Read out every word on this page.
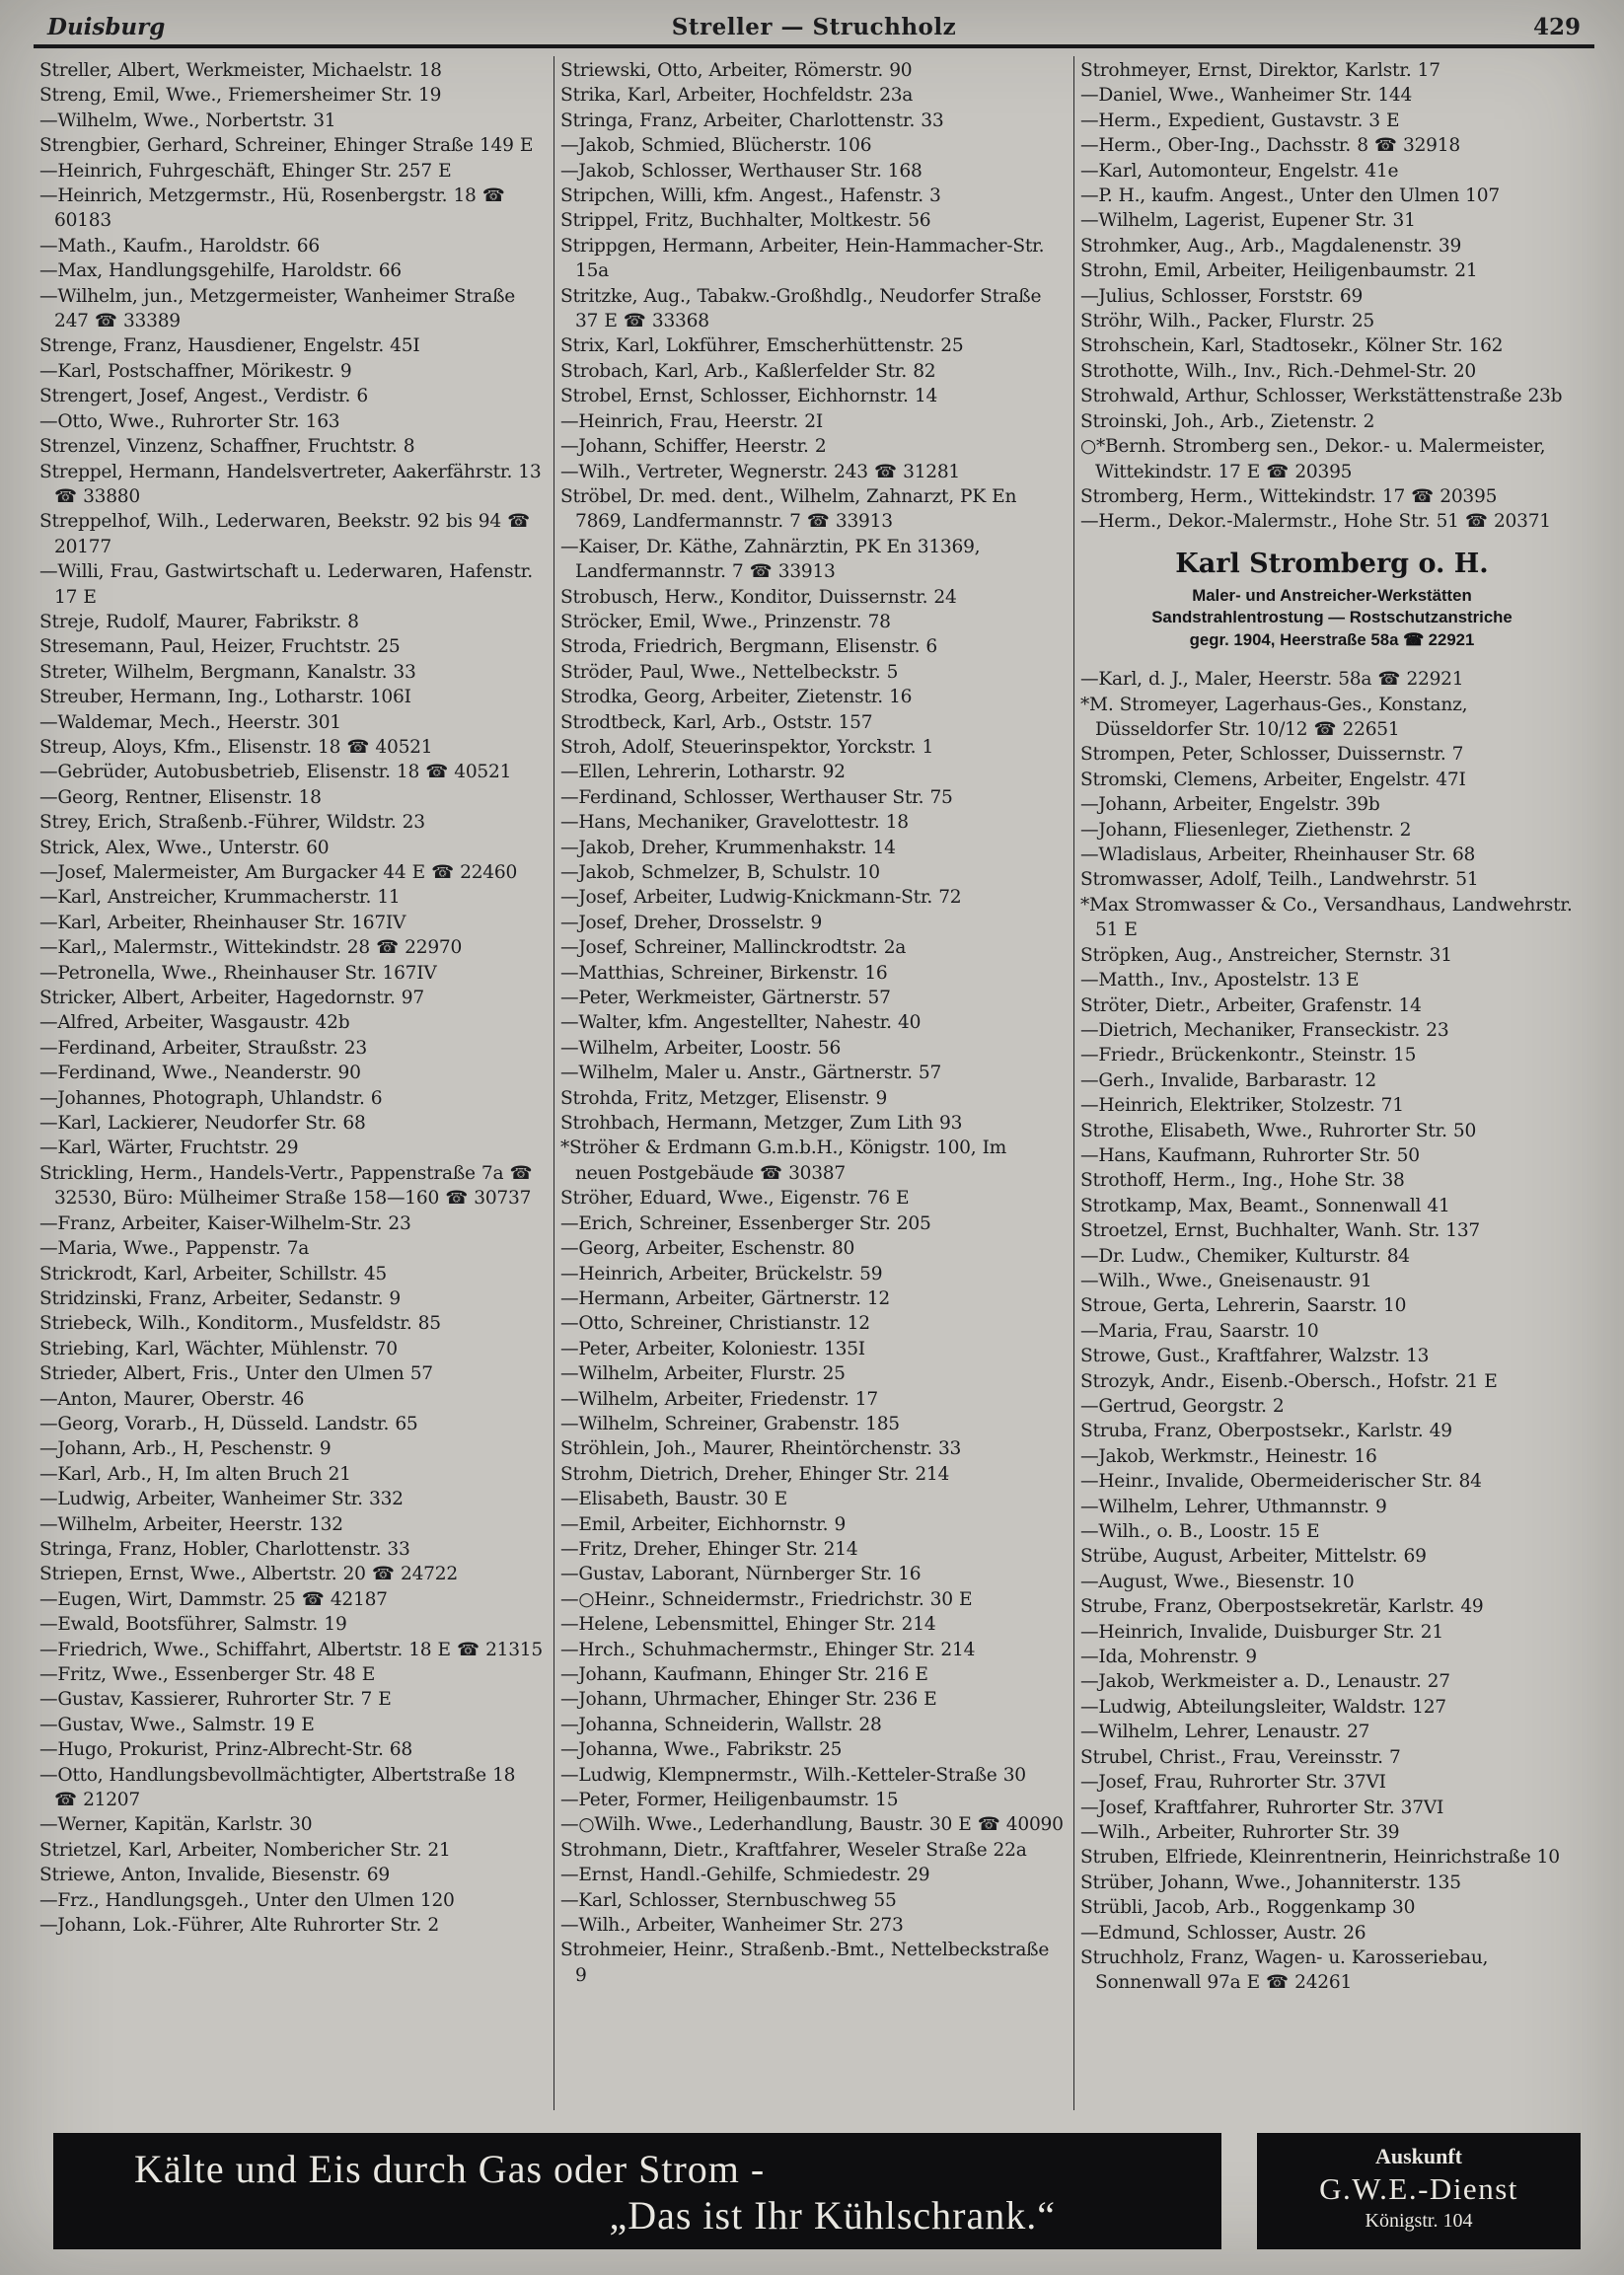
Duisburg	Streller — Struchholz	429
Streller, Albert, Werkmeister, Michaelstr. 18
Streng, Emil, Wwe., Friemersheimer Str. 19
—Wilhelm, Wwe., Norbertstr. 31
Strengbier, Gerhard, Schreiner, Ehinger Straße 149 E
—Heinrich, Fuhrgeschäft, Ehinger Str. 257 E
—Heinrich, Metzgermstr., Hü, Rosenbergstr. 18 ☎ 60183
—Math., Kaufm., Haroldstr. 66
—Max, Handlungsgehilfe, Haroldstr. 66
—Wilhelm, jun., Metzgermeister, Wanheimer Straße 247 ☎ 33389
Strenge, Franz, Hausdiener, Engelstr. 45I
—Karl, Postschaffner, Mörikestr. 9
Strengert, Josef, Angest., Verdistr. 6
—Otto, Wwe., Ruhrorter Str. 163
Strenzel, Vinzenz, Schaffner, Fruchtstr. 8
Streppel, Hermann, Handelsvertreter, Aakerfährstr. 13 ☎ 33880
Streppelhof, Wilh., Lederwaren, Beekstr. 92 bis 94 ☎ 20177
—Willi, Frau, Gastwirtschaft u. Lederwaren, Hafenstr. 17 E
Streje, Rudolf, Maurer, Fabrikstr. 8
Stresemann, Paul, Heizer, Fruchtstr. 25
Streter, Wilhelm, Bergmann, Kanalstr. 33
Streuber, Hermann, Ing., Lotharstr. 106I
—Waldemar, Mech., Heerstr. 301
Streup, Aloys, Kfm., Elisenstr. 18 ☎ 40521
—Gebrüder, Autobusbetrieb, Elisenstr. 18 ☎ 40521
—Georg, Rentner, Elisenstr. 18
Strey, Erich, Straßenb.-Führer, Wildstr. 23
Strick, Alex, Wwe., Unterstr. 60
—Josef, Malermeister, Am Burgacker 44 E ☎ 22460
—Karl, Anstreicher, Krummacherstr. 11
—Karl, Arbeiter, Rheinhauser Str. 167IV
—Karl,, Malermstr., Wittekindstr. 28 ☎ 22970
—Petronella, Wwe., Rheinhauser Str. 167IV
Stricker, Albert, Arbeiter, Hagedornstr. 97
—Alfred, Arbeiter, Wasgaustr. 42b
—Ferdinand, Arbeiter, Straußstr. 23
—Ferdinand, Wwe., Neanderstr. 90
—Johannes, Photograph, Uhlandstr. 6
—Karl, Lackierer, Neudorfer Str. 68
—Karl, Wärter, Fruchtstr. 29
Strickling, Herm., Handels-Vertr., Pappenstraße 7a ☎ 32530, Büro: Mülheimer Straße 158—160 ☎ 30737
—Franz, Arbeiter, Kaiser-Wilhelm-Str. 23
—Maria, Wwe., Pappenstr. 7a
Strickrodt, Karl, Arbeiter, Schillstr. 45
Stridzinski, Franz, Arbeiter, Sedanstr. 9
Striebeck, Wilh., Konditorm., Musfeldstr. 85
Striebing, Karl, Wächter, Mühlenstr. 70
Strieder, Albert, Fris., Unter den Ulmen 57
—Anton, Maurer, Oberstr. 46
—Georg, Vorarb., H, Düsseld. Landstr. 65
—Johann, Arb., H, Peschenstr. 9
—Karl, Arb., H, Im alten Bruch 21
—Ludwig, Arbeiter, Wanheimer Str. 332
—Wilhelm, Arbeiter, Heerstr. 132
Stringa, Franz, Hobler, Charlottenstr. 33
Striepen, Ernst, Wwe., Albertstr. 20 ☎ 24722
—Eugen, Wirt, Dammstr. 25 ☎ 42187
—Ewald, Bootsführer, Salmstr. 19
—Friedrich, Wwe., Schiffahrt, Albertstr. 18 E ☎ 21315
—Fritz, Wwe., Essenberger Str. 48 E
—Gustav, Kassierer, Ruhrorter Str. 7 E
—Gustav, Wwe., Salmstr. 19 E
—Hugo, Prokurist, Prinz-Albrecht-Str. 68
—Otto, Handlungsbevollmächtigter, Albertstraße 18 ☎ 21207
—Werner, Kapitän, Karlstr. 30
Strietzel, Karl, Arbeiter, Nombericher Str. 21
Striewe, Anton, Invalide, Biesenstr. 69
—Frz., Handlungsgeh., Unter den Ulmen 120
—Johann, Lok.-Führer, Alte Ruhrorter Str. 2
Striewski, Otto, Arbeiter, Römerstr. 90
Strika, Karl, Arbeiter, Hochfeldstr. 23a
Stringa, Franz, Arbeiter, Charlottenstr. 33
—Jakob, Schmied, Blücherstr. 106
—Jakob, Schlosser, Werthauser Str. 168
Stripchen, Willi, kfm. Angest., Hafenstr. 3
Strippel, Fritz, Buchhalter, Moltkestr. 56
Strippgen, Hermann, Arbeiter, Hein-Hammacher-Str. 15a
Stritzke, Aug., Tabakw.-Großhdlg., Neudorfer Straße 37 E ☎ 33368
Strix, Karl, Lokführer, Emscherhüttenstr. 25
Strobach, Karl, Arb., Kaßlerfelder Str. 82
Strobel, Ernst, Schlosser, Eichhornstr. 14
—Heinrich, Frau, Heerstr. 2I
—Johann, Schiffer, Heerstr. 2
—Wilh., Vertreter, Wegnerstr. 243 ☎ 31281
Ströbel, Dr. med. dent., Wilhelm, Zahnarzt, PK En 7869, Landfermannstr. 7 ☎ 33913
—Kaiser, Dr. Käthe, Zahnärztin, PK En 31369, Landfermannstr. 7 ☎ 33913
Strobusch, Herw., Konditor, Duissernstr. 24
Ströcker, Emil, Wwe., Prinzenstr. 78
Stroda, Friedrich, Bergmann, Elisenstr. 6
Ströder, Paul, Wwe., Nettelbeckstr. 5
Strodka, Georg, Arbeiter, Zietenstr. 16
Strodtbeck, Karl, Arb., Oststr. 157
Stroh, Adolf, Steuerinspektor, Yorckstr. 1
—Ellen, Lehrerin, Lotharstr. 92
—Ferdinand, Schlosser, Werthauser Str. 75
—Hans, Mechaniker, Gravelottestr. 18
—Jakob, Dreher, Krummenhakstr. 14
—Jakob, Schmelzer, B, Schulstr. 10
—Josef, Arbeiter, Ludwig-Knickmann-Str. 72
—Josef, Dreher, Drosselstr. 9
—Josef, Schreiner, Mallinckrodtstr. 2a
—Matthias, Schreiner, Birkenstr. 16
—Peter, Werkmeister, Gärtnerstr. 57
—Walter, kfm. Angestellter, Nahestr. 40
—Wilhelm, Arbeiter, Loostr. 56
—Wilhelm, Maler u. Anstr., Gärtnerstr. 57
Strohda, Fritz, Metzger, Elisenstr. 9
Strohbach, Hermann, Metzger, Zum Lith 93
*Ströher & Erdmann G.m.b.H., Königstr. 100, Im neuen Postgebäude ☎ 30387
Ströher, Eduard, Wwe., Eigenstr. 76 E
—Erich, Schreiner, Essenberger Str. 205
—Georg, Arbeiter, Eschenstr. 80
—Heinrich, Arbeiter, Brückelstr. 59
—Hermann, Arbeiter, Gärtnerstr. 12
—Otto, Schreiner, Christianstr. 12
—Peter, Arbeiter, Koloniestr. 135I
—Wilhelm, Arbeiter, Flurstr. 25
—Wilhelm, Arbeiter, Friedenstr. 17
—Wilhelm, Schreiner, Grabenstr. 185
Ströhlein, Joh., Maurer, Rheintörchenstr. 33
Strohm, Dietrich, Dreher, Ehinger Str. 214
—Elisabeth, Baustr. 30 E
—Emil, Arbeiter, Eichhornstr. 9
—Fritz, Dreher, Ehinger Str. 214
—Gustav, Laborant, Nürnberger Str. 16
—○Heinr., Schneidermstr., Friedrichstr. 30 E
—Helene, Lebensmittel, Ehinger Str. 214
—Hrch., Schuhmachermstr., Ehinger Str. 214
—Johann, Kaufmann, Ehinger Str. 216 E
—Johann, Uhrmacher, Ehinger Str. 236 E
—Johanna, Schneiderin, Wallstr. 28
—Johanna, Wwe., Fabrikstr. 25
—Ludwig, Klempnermstr., Wilh.-Ketteler-Straße 30
—Peter, Former, Heiligenbaumstr. 15
—○Wilh. Wwe., Lederhandlung, Baustr. 30 E ☎ 40090
Strohmann, Dietr., Kraftfahrer, Weseler Straße 22a
—Ernst, Handl.-Gehilfe, Schmiedestr. 29
—Karl, Schlosser, Sternbuschweg 55
—Wilh., Arbeiter, Wanheimer Str. 273
Strohmeier, Heinr., Straßenb.-Bmt., Nettelbeckstraße 9
Strohmeyer, Ernst, Direktor, Karlstr. 17
—Daniel, Wwe., Wanheimer Str. 144
—Herm., Expedient, Gustavstr. 3 E
—Herm., Ober-Ing., Dachsstr. 8 ☎ 32918
—Karl, Automonteur, Engelstr. 41e
—P. H., kaufm. Angest., Unter den Ulmen 107
—Wilhelm, Lagerist, Eupener Str. 31
Strohmker, Aug., Arb., Magdalenenstr. 39
Strohn, Emil, Arbeiter, Heiligenbaumstr. 21
—Julius, Schlosser, Forststr. 69
Ströhr, Wilh., Packer, Flurstr. 25
Strohschein, Karl, Stadtosekr., Kölner Str. 162
Strothotte, Wilh., Inv., Rich.-Dehmel-Str. 20
Strohwald, Arthur, Schlosser, Werkstättenstraße 23b
Stroinski, Joh., Arb., Zietenstr. 2
○*Bernh. Stromberg sen., Dekor.- u. Malermeister, Wittekindstr. 17 E ☎ 20395
Stromberg, Herm., Wittekindstr. 17 ☎ 20395
—Herm., Dekor.-Malermstr., Hohe Str. 51 ☎ 20371
Karl Stromberg o. H.
Maler- und Anstreicher-Werkstätten
Sandstrahlentrostung — Rostschutzanstriche
gegr. 1904, Heerstraße 58a ☎ 22921
—Karl, d. J., Maler, Heerstr. 58a ☎ 22921
*M. Stromeyer, Lagerhaus-Ges., Konstanz, Düsseldorfer Str. 10/12 ☎ 22651
Strompen, Peter, Schlosser, Duissernstr. 7
Stromski, Clemens, Arbeiter, Engelstr. 47I
—Johann, Arbeiter, Engelstr. 39b
—Johann, Fliesenleger, Ziethenstr. 2
—Wladislaus, Arbeiter, Rheinhauser Str. 68
Stromwasser, Adolf, Teilh., Landwehrstr. 51
*Max Stromwasser & Co., Versandhaus, Landwehrstr. 51 E
Ströpken, Aug., Anstreicher, Sternstr. 31
—Matth., Inv., Apostelstr. 13 E
Ströter, Dietr., Arbeiter, Grafenstr. 14
—Dietrich, Mechaniker, Franseckistr. 23
—Friedr., Brückenkontr., Steinstr. 15
—Gerh., Invalide, Barbarastr. 12
—Heinrich, Elektriker, Stolzestr. 71
Strothe, Elisabeth, Wwe., Ruhrorter Str. 50
—Hans, Kaufmann, Ruhrorter Str. 50
Strothoff, Herm., Ing., Hohe Str. 38
Strotkamp, Max, Beamt., Sonnenwall 41
Stroetzel, Ernst, Buchhalter, Wanh. Str. 137
—Dr. Ludw., Chemiker, Kulturstr. 84
—Wilh., Wwe., Gneisenaustr. 91
Stroue, Gerta, Lehrerin, Saarstr. 10
—Maria, Frau, Saarstr. 10
Strowe, Gust., Kraftfahrer, Walzstr. 13
Strozyk, Andr., Eisenb.-Obersch., Hofstr. 21 E
—Gertrud, Georgstr. 2
Struba, Franz, Oberpostsekr., Karlstr. 49
—Jakob, Werkmstr., Heinestr. 16
—Heinr., Invalide, Obermeiderischer Str. 84
—Wilhelm, Lehrer, Uthmannstr. 9
—Wilh., o. B., Loostr. 15 E
Strübe, August, Arbeiter, Mittelstr. 69
—August, Wwe., Biesenstr. 10
Strube, Franz, Oberpostsekretär, Karlstr. 49
—Heinrich, Invalide, Duisburger Str. 21
—Ida, Mohrenstr. 9
—Jakob, Werkmeister a. D., Lenaustr. 27
—Ludwig, Abteilungsleiter, Waldstr. 127
—Wilhelm, Lehrer, Lenaustr. 27
Strubel, Christ., Frau, Vereinsstr. 7
—Josef, Frau, Ruhrorter Str. 37VI
—Josef, Kraftfahrer, Ruhrorter Str. 37VI
—Wilh., Arbeiter, Ruhrorter Str. 39
Struben, Elfriede, Kleinrentnerin, Heinrichstraße 10
Strüber, Johann, Wwe., Johanniterstr. 135
Strübli, Jacob, Arb., Roggenkamp 30
—Edmund, Schlosser, Austr. 26
Struchholz, Franz, Wagen- u. Karosseriebau, Sonnenwall 97a E ☎ 24261
Kälte und Eis durch Gas oder Strom -
„Das ist Ihr Kühlschrank.“
Auskunft
G.W.E.-Dienst
Königstr. 104
